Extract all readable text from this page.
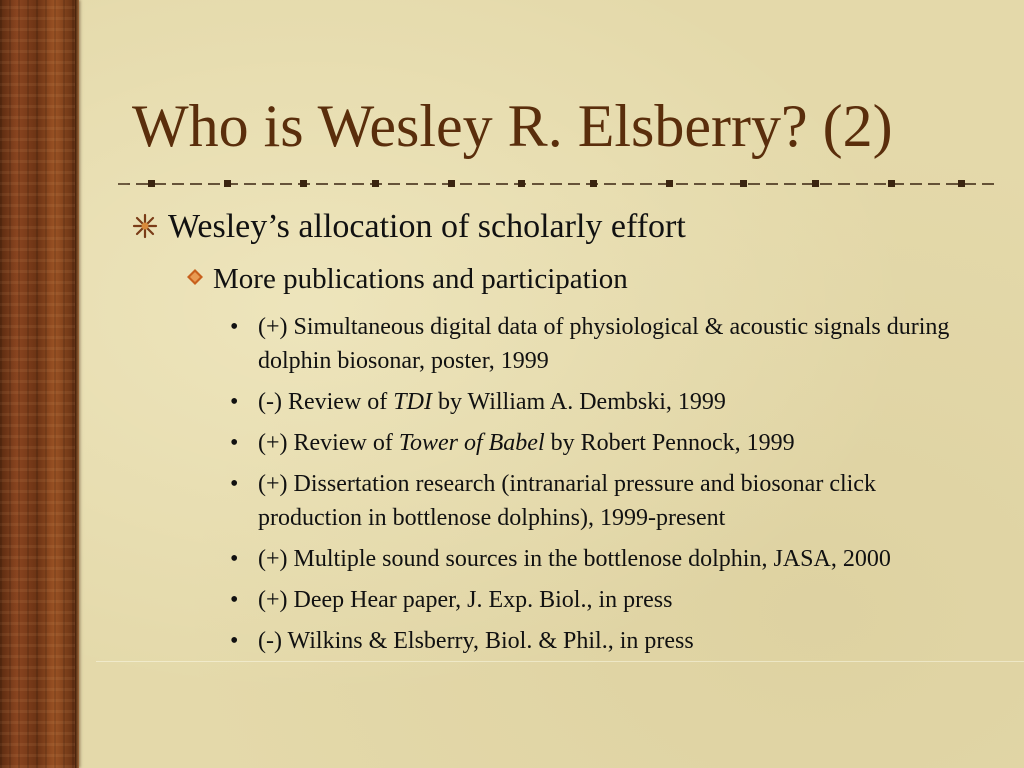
Who is Wesley R. Elsberry? (2)
Wesley’s allocation of scholarly effort
More publications and participation
• (+) Simultaneous digital data of physiological & acoustic signals during dolphin biosonar, poster, 1999
• (-) Review of TDI by William A. Dembski, 1999
• (+) Review of Tower of Babel by Robert Pennock, 1999
• (+) Dissertation research (intranarial pressure and biosonar click production in bottlenose dolphins), 1999-present
• (+) Multiple sound sources in the bottlenose dolphin, JASA, 2000
• (+) Deep Hear paper, J. Exp. Biol., in press
• (-) Wilkins & Elsberry, Biol. & Phil., in press
